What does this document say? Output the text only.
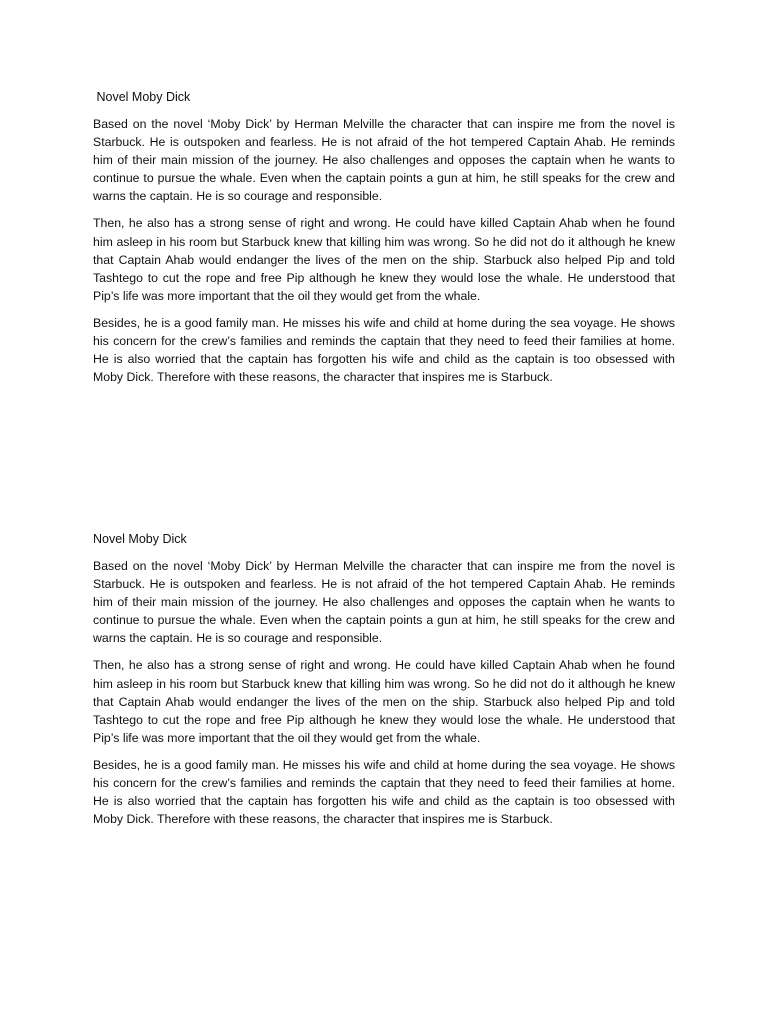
Novel Moby Dick

Based on the novel ‘Moby Dick’ by Herman Melville the character that can inspire me from the novel is Starbuck. He is outspoken and fearless. He is not afraid of the hot tempered Captain Ahab. He reminds him of their main mission of the journey. He also challenges and opposes the captain when he wants to continue to pursue the whale. Even when the captain points a gun at him, he still speaks for the crew and warns the captain. He is so courage and responsible.

Then, he also has a strong sense of right and wrong. He could have killed Captain Ahab when he found him asleep in his room but Starbuck knew that killing him was wrong. So he did not do it although he knew that Captain Ahab would endanger the lives of the men on the ship. Starbuck also helped Pip and told Tashtego to cut the rope and free Pip although he knew they would lose the whale. He understood that Pip’s life was more important that the oil they would get from the whale.

Besides, he is a good family man. He misses his wife and child at home during the sea voyage. He shows his concern for the crew’s families and reminds the captain that they need to feed their families at home. He is also worried that the captain has forgotten his wife and child as the captain is too obsessed with Moby Dick. Therefore with these reasons, the character that inspires me is Starbuck.

Novel Moby Dick

Based on the novel ‘Moby Dick’ by Herman Melville the character that can inspire me from the novel is Starbuck. He is outspoken and fearless. He is not afraid of the hot tempered Captain Ahab. He reminds him of their main mission of the journey. He also challenges and opposes the captain when he wants to continue to pursue the whale. Even when the captain points a gun at him, he still speaks for the crew and warns the captain. He is so courage and responsible.

Then, he also has a strong sense of right and wrong. He could have killed Captain Ahab when he found him asleep in his room but Starbuck knew that killing him was wrong. So he did not do it although he knew that Captain Ahab would endanger the lives of the men on the ship. Starbuck also helped Pip and told Tashtego to cut the rope and free Pip although he knew they would lose the whale. He understood that Pip’s life was more important that the oil they would get from the whale.

Besides, he is a good family man. He misses his wife and child at home during the sea voyage. He shows his concern for the crew’s families and reminds the captain that they need to feed their families at home. He is also worried that the captain has forgotten his wife and child as the captain is too obsessed with Moby Dick. Therefore with these reasons, the character that inspires me is Starbuck.
